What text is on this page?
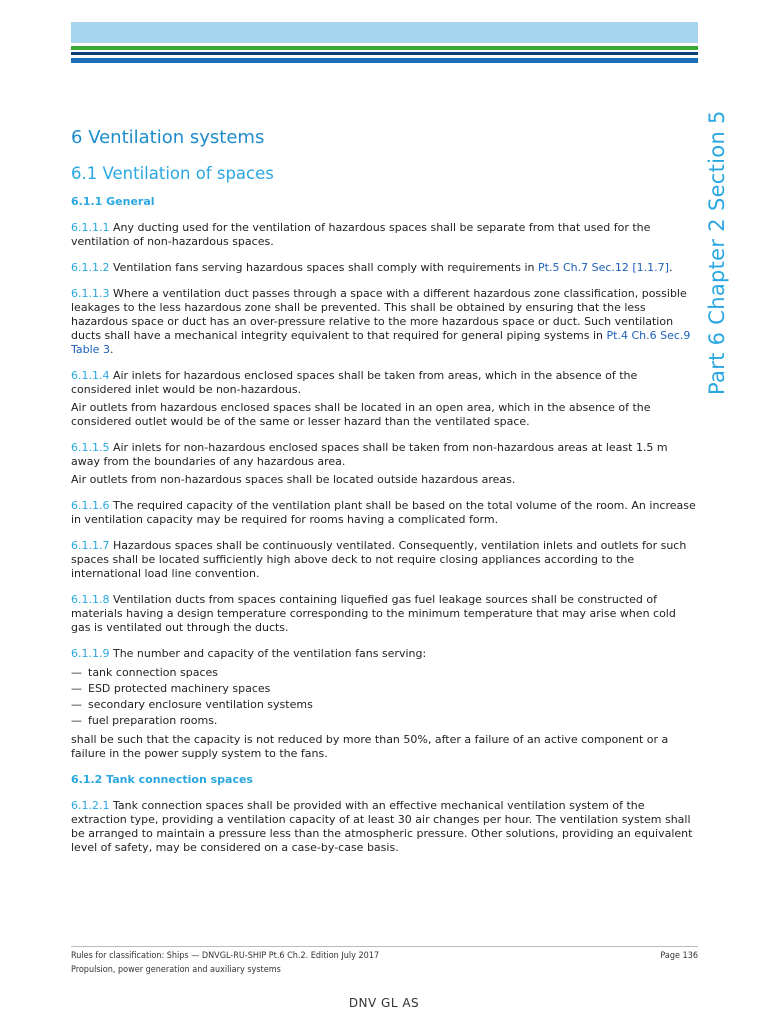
Part 6 Chapter 2 Section 5
6 Ventilation systems
6.1 Ventilation of spaces
6.1.1 General

6.1.1.1 Any ducting used for the ventilation of hazardous spaces shall be separate from that used for the ventilation of non-hazardous spaces.

6.1.1.2 Ventilation fans serving hazardous spaces shall comply with requirements in Pt.5 Ch.7 Sec.12 [1.1.7].

6.1.1.3 Where a ventilation duct passes through a space with a different hazardous zone classification, possible leakages to the less hazardous zone shall be prevented. This shall be obtained by ensuring that the less hazardous space or duct has an over-pressure relative to the more hazardous space or duct. Such ventilation ducts shall have a mechanical integrity equivalent to that required for general piping systems in Pt.4 Ch.6 Sec.9 Table 3.

6.1.1.4 Air inlets for hazardous enclosed spaces shall be taken from areas, which in the absence of the considered inlet would be non-hazardous.

Air outlets from hazardous enclosed spaces shall be located in an open area, which in the absence of the considered outlet would be of the same or lesser hazard than the ventilated space.

6.1.1.5 Air inlets for non-hazardous enclosed spaces shall be taken from non-hazardous areas at least 1.5 m away from the boundaries of any hazardous area.

Air outlets from non-hazardous spaces shall be located outside hazardous areas.

6.1.1.6 The required capacity of the ventilation plant shall be based on the total volume of the room. An increase in ventilation capacity may be required for rooms having a complicated form.

6.1.1.7 Hazardous spaces shall be continuously ventilated. Consequently, ventilation inlets and outlets for such spaces shall be located sufficiently high above deck to not require closing appliances according to the international load line convention.

6.1.1.8 Ventilation ducts from spaces containing liquefied gas fuel leakage sources shall be constructed of materials having a design temperature corresponding to the minimum temperature that may arise when cold gas is ventilated out through the ducts.

6.1.1.9 The number and capacity of the ventilation fans serving:

— tank connection spaces
— ESD protected machinery spaces
— secondary enclosure ventilation systems
— fuel preparation rooms.

shall be such that the capacity is not reduced by more than 50%, after a failure of an active component or a failure in the power supply system to the fans.

6.1.2 Tank connection spaces

6.1.2.1 Tank connection spaces shall be provided with an effective mechanical ventilation system of the extraction type, providing a ventilation capacity of at least 30 air changes per hour. The ventilation system shall be arranged to maintain a pressure less than the atmospheric pressure. Other solutions, providing an equivalent level of safety, may be considered on a case-by-case basis.

Rules for classification: Ships — DNVGL-RU-SHIP Pt.6 Ch.2. Edition July 2017
Propulsion, power generation and auxiliary systems
Page 136
DNV GL AS
